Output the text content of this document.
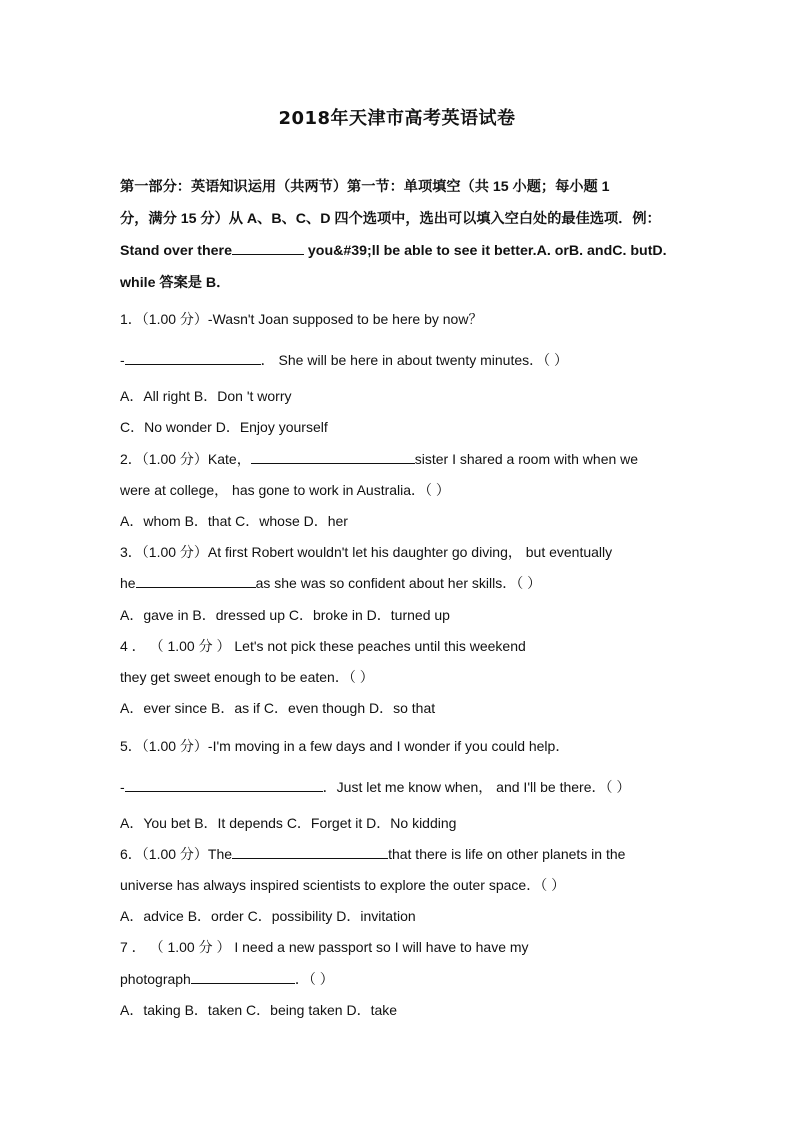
2018年天津市高考英语试卷
第一部分：英语知识运用（共两节）第一节：单项填空（共 15 小题；每小题 1
分，满分 15 分）从 A、B、C、D 四个选项中，选出可以填入空白处的最佳选项．例：
Stand over there	you&#39;ll be able to see it better.A. orB. andC. butD.
while 答案是 B．
1．（1.00 分）-Wasn't Joan supposed to be here by now？
-	． She will be here in about twenty minutes．（ ）
A．All right B．Don 't worry
C．No wonder D．Enjoy yourself
2．（1.00 分）Kate，	sister I shared a room with when we
were at college， has gone to work in Australia．（ ）
A．whom B．that C．whose D．her
3．（1.00 分）At first Robert wouldn't let his daughter go diving， but eventually
he	as she was so confident about her skills．（ ）
A．gave in B．dressed up C．broke in D．turned up
4 ． （ 1.00 分 ） Let's not pick these peaches until this weekend
they get sweet enough to be eaten．（ ）
A．ever since B．as if C．even though D．so that
5．（1.00 分）-I'm moving in a few days and I wonder if you could help．
-	．Just let me know when， and I'll be there．（ ）
A．You bet B．It depends C．Forget it D．No kidding
6．（1.00 分）The	that there is life on other planets in the
universe has always inspired scientists to explore the outer space．（ ）
A．advice B．order C．possibility D．invitation
7 ． （ 1.00 分 ） I need a new passport so I will have to have my
photograph	．（ ）
A．taking B．taken C．being taken D．take
